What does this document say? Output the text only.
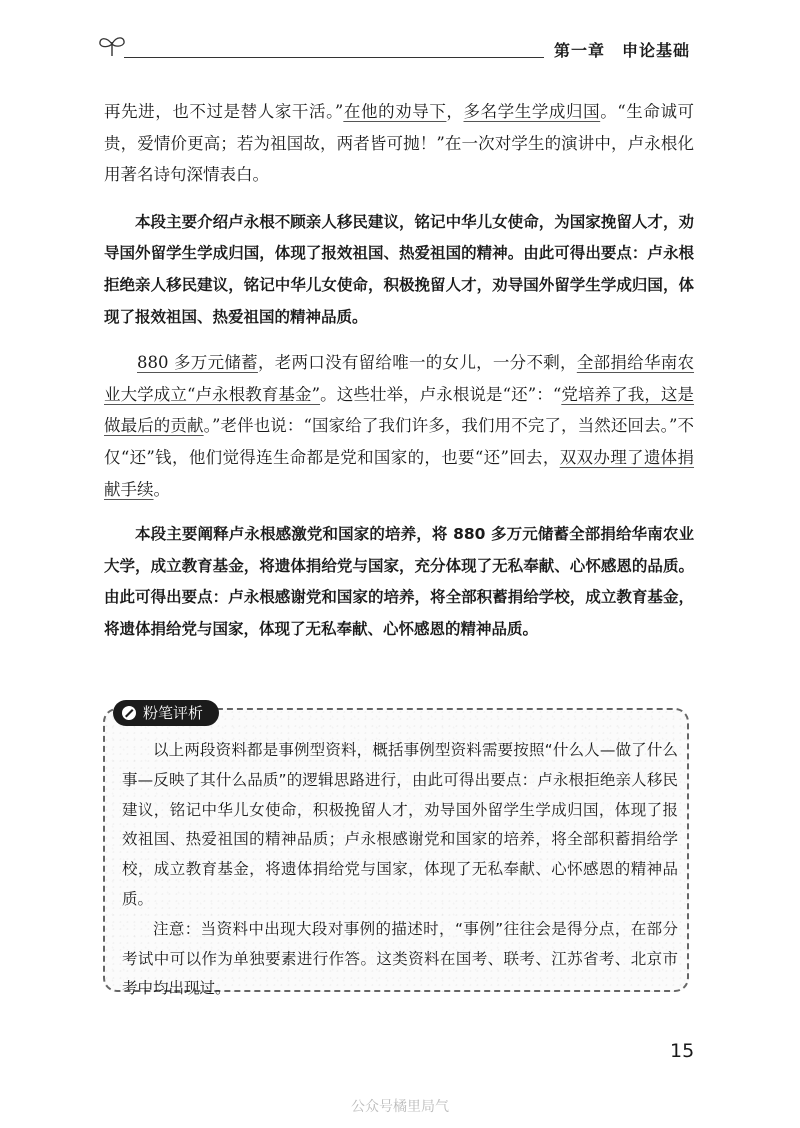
第一章　申论基础

再先进，也不过是替人家干活。”在他的劝导下，多名学生学成归国。“生命诚可贵，爱情价更高；若为祖国故，两者皆可抛！”在一次对学生的演讲中，卢永根化用著名诗句深情表白。

本段主要介绍卢永根不顾亲人移民建议，铭记中华儿女使命，为国家挽留人才，劝导国外留学生学成归国，体现了报效祖国、热爱祖国的精神。由此可得出要点：卢永根拒绝亲人移民建议，铭记中华儿女使命，积极挽留人才，劝导国外留学生学成归国，体现了报效祖国、热爱祖国的精神品质。

880 多万元储蓄，老两口没有留给唯一的女儿，一分不剩，全部捐给华南农业大学成立“卢永根教育基金”。这些壮举，卢永根说是“还”：“党培养了我，这是做最后的贡献。”老伴也说：“国家给了我们许多，我们用不完了，当然还回去。”不仅“还”钱，他们觉得连生命都是党和国家的，也要“还”回去，双双办理了遗体捐献手续。

本段主要阐释卢永根感激党和国家的培养，将 880 多万元储蓄全部捐给华南农业大学，成立教育基金，将遗体捐给党与国家，充分体现了无私奉献、心怀感恩的品质。由此可得出要点：卢永根感谢党和国家的培养，将全部积蓄捐给学校，成立教育基金，将遗体捐给党与国家，体现了无私奉献、心怀感恩的精神品质。

粉笔评析

以上两段资料都是事例型资料，概括事例型资料需要按照“什么人—做了什么事—反映了其什么品质”的逻辑思路进行，由此可得出要点：卢永根拒绝亲人移民建议，铭记中华儿女使命，积极挽留人才，劝导国外留学生学成归国，体现了报效祖国、热爱祖国的精神品质；卢永根感谢党和国家的培养，将全部积蓄捐给学校，成立教育基金，将遗体捐给党与国家，体现了无私奉献、心怀感恩的精神品质。

注意：当资料中出现大段对事例的描述时，“事例”往往会是得分点，在部分考试中可以作为单独要素进行作答。这类资料在国考、联考、江苏省考、北京市考中均出现过。

15
公众号橘里局气
